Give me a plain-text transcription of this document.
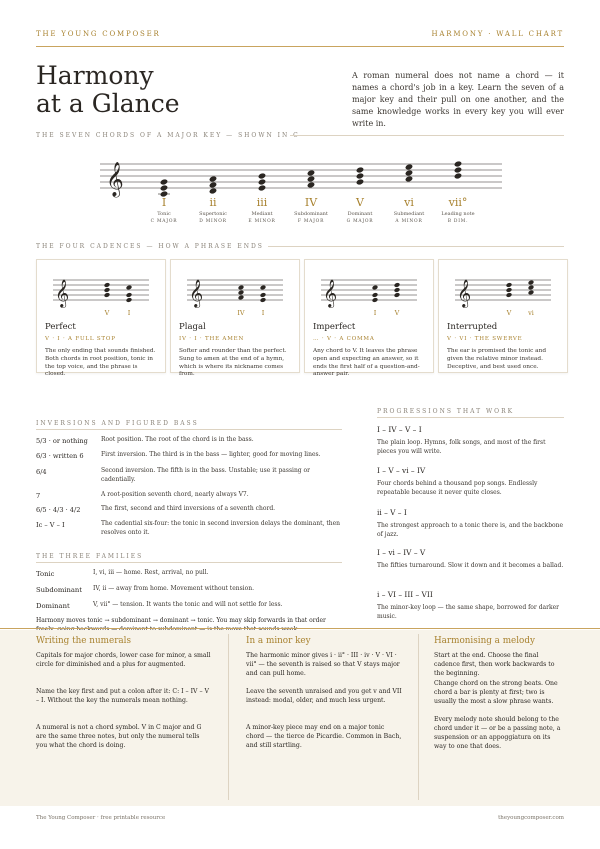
THE YOUNG COMPOSER	HARMONY · WALL CHART
Harmony
at a Glance
A roman numeral does not name a chord — it names a chord's job in a key. Learn the seven of a major key and their pull on one another, and the same knowledge works in every key you will ever write in.
THE SEVEN CHORDS OF A MAJOR KEY — SHOWN IN C
𝄞
I
Tonic
C MAJOR
ii
Supertonic
D MINOR
iii
Mediant
E MINOR
IV
Subdominant
F MAJOR
V
Dominant
G MAJOR
vi
Submediant
A MINOR
vii°
Leading note
B DIM.
THE FOUR CADENCES — HOW A PHRASE ENDS
𝄞
Perfect
V · I · A FULL STOP
The only ending that sounds finished. Both chords in root position, tonic in the top voice, and the phrase is closed.
V	I
𝄞
Plagal
IV · I · THE AMEN
Softer and rounder than the perfect. Sung to amen at the end of a hymn, which is where its nickname comes from.
IV	I
𝄞
Imperfect
… · V · A COMMA
Any chord to V. It leaves the phrase open and expecting an answer, so it ends the first half of a question-and-answer pair.
I	V
𝄞
Interrupted
V · VI · THE SWERVE
The ear is promised the tonic and given the relative minor instead. Deceptive, and best used once.
V	vi
INVERSIONS AND FIGURED BASS
5/3 · or nothing Root position. The root of the chord is in the bass.
6/3 · written 6	First inversion. The third is in the bass — lighter, good for moving lines.
6/4	Second inversion. The fifth is in the bass. Unstable; use it passing or cadentially.
7	A root-position seventh chord, nearly always V7.
6/5 · 4/3 · 4/2	The first, second and third inversions of a seventh chord.
Ic – V – I	The cadential six-four: the tonic in second inversion delays the dominant, then resolves onto it.
THE THREE FAMILIES
Tonic	I, vi, iii — home. Rest, arrival, no pull.
Subdominant IV, ii — away from home. Movement without tension.
Dominant	V, vii° — tension. It wants the tonic and will not settle for less.
Harmony moves tonic → subdominant → dominant → tonic. You may skip forwards in that order
PROGRESSIONS THAT WORK
I – IV – V – I
The plain loop. Hymns, folk songs, and most of the first pieces you will write.
I – V – vi – IV
Four chords behind a thousand pop songs. Endlessly repeatable because it never quite closes.
ii – V – I
The strongest approach to a tonic there is, and the backbone of jazz.
I – vi – IV – V
The fifties turnaround. Slow it down and it becomes a ballad.
i – VI – III – VII
The minor-key loop — the same shape, borrowed for darker music.
Writing the numerals

Capitals for major chords, lower case for minor, a small circle for diminished and a plus for augmented.

Name the key first and put a colon after it: C: I – IV – V – I. Without the key the numerals mean nothing.

A numeral is not a chord symbol. V in C major and G are the same three notes, but only the numeral tells you what the chord is doing.

In a minor key

The harmonic minor gives i · ii° · III · iv · V · VI · vii° — the seventh is raised so that V stays major and can pull home.

Leave the seventh unraised and you get v and VII instead: modal, older, and much less urgent.

A minor-key piece may end on a major tonic chord — the tierce de Picardie. Common in Bach, and still startling.

Harmonising a melody

Start at the end. Choose the final cadence first, then work backwards to the beginning.

Change chord on the strong beats. One chord a bar is plenty at first; two is usually the most a slow phrase wants.

Every melody note should belong to the chord under it — or be a passing note, a suspension or an appoggiatura on its way to one that does.

The Young Composer · free printable resource	theyoungcomposer.com
